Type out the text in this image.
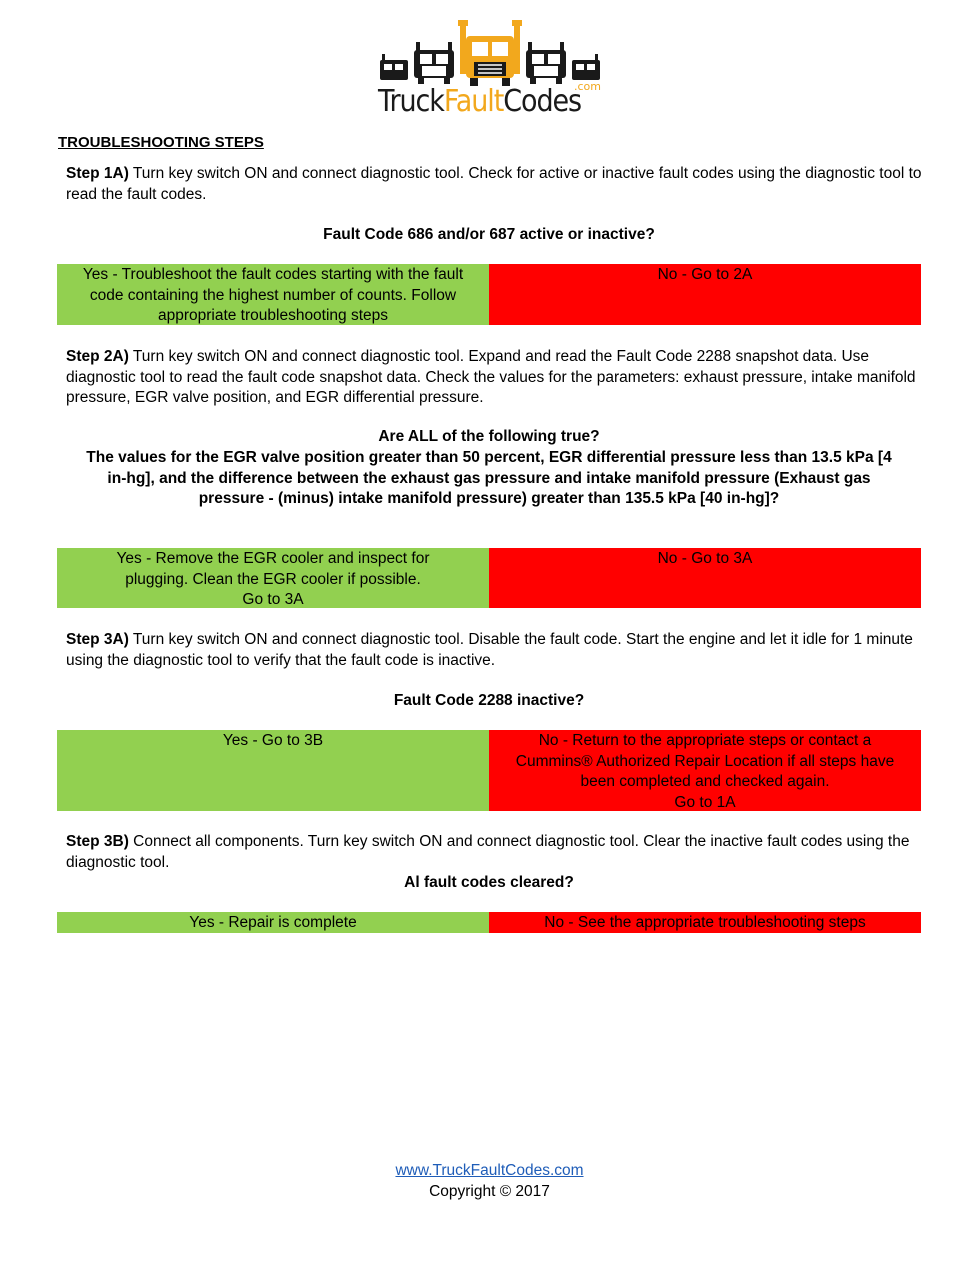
TruckFaultCodes
.com
TROUBLESHOOTING STEPS
Step 1A) Turn key switch ON and connect diagnostic tool. Check for active or inactive fault codes using the diagnostic tool to read the fault codes.
Fault Code 686 and/or 687 active or inactive?
Yes - Troubleshoot the fault codes starting with the fault code containing the highest number of counts. Follow appropriate troubleshooting steps
No - Go to 2A
Step 2A) Turn key switch ON and connect diagnostic tool. Expand and read the Fault Code 2288 snapshot data. Use diagnostic tool to read the fault code snapshot data. Check the values for the parameters: exhaust pressure, intake manifold pressure, EGR valve position, and EGR differential pressure.
Are ALL of the following true?
The values for the EGR valve position greater than 50 percent, EGR differential pressure less than 13.5 kPa [4 in-hg], and the difference between the exhaust gas pressure and intake manifold pressure (Exhaust gas pressure - (minus) intake manifold pressure) greater than 135.5 kPa [40 in-hg]?
Yes - Remove the EGR cooler and inspect for plugging. Clean the EGR cooler if possible.
Go to 3A
No - Go to 3A
Step 3A) Turn key switch ON and connect diagnostic tool. Disable the fault code. Start the engine and let it idle for 1 minute using the diagnostic tool to verify that the fault code is inactive.
Fault Code 2288 inactive?
Yes - Go to 3B	No - Return to the appropriate steps or contact a Cummins® Authorized Repair Location if all steps have been completed and checked again.
Go to 1A
Step 3B) Connect all components. Turn key switch ON and connect diagnostic tool. Clear the inactive fault codes using the diagnostic tool.
Al fault codes cleared?
Yes - Repair is complete	No - See the appropriate troubleshooting steps
www.TruckFaultCodes.com
Copyright © 2017
